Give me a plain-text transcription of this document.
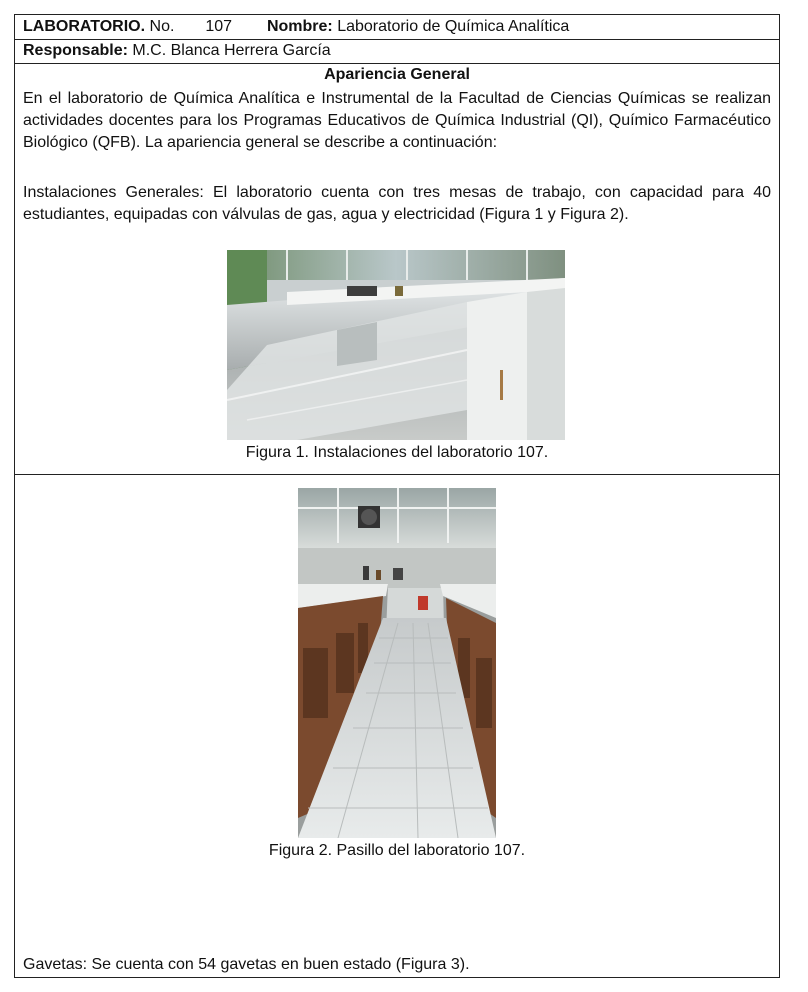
LABORATORIO. No. 107 Nombre: Laboratorio de Química Analítica
Responsable: M.C. Blanca Herrera García
Apariencia General
En el laboratorio de Química Analítica e Instrumental de la Facultad de Ciencias Químicas se realizan actividades docentes para los Programas Educativos de Química Industrial (QI), Químico Farmacéutico Biológico (QFB). La apariencia general se describe a continuación:
Instalaciones Generales: El laboratorio cuenta con tres mesas de trabajo, con capacidad para 40 estudiantes, equipadas con válvulas de gas, agua y electricidad (Figura 1 y Figura 2).
Figura 1. Instalaciones del laboratorio 107.
Figura 2. Pasillo del laboratorio 107.
Gavetas: Se cuenta con 54 gavetas en buen estado (Figura 3).
